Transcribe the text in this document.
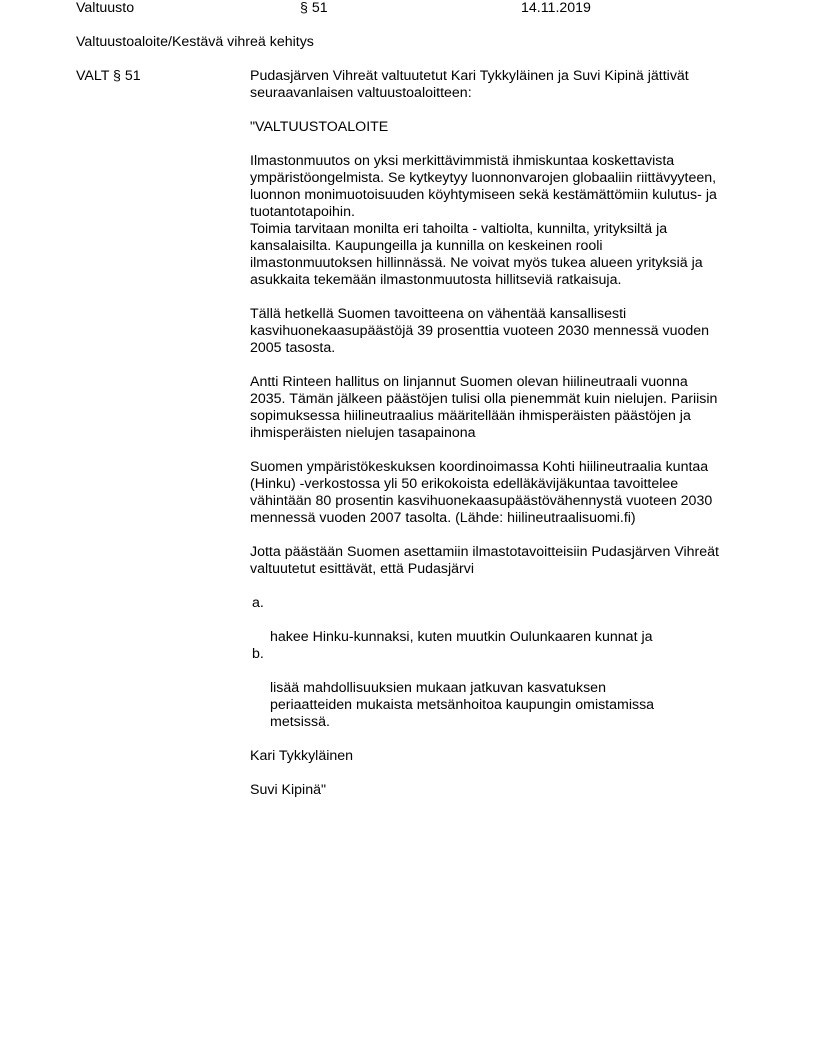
Valtuusto	§ 51	14.11.2019
Valtuustoaloite/Kestävä vihreä kehitys
VALT § 51	Pudasjärven Vihreät valtuutetut Kari Tykkyläinen ja Suvi Kipinä jättivät
seuraavanlaisen valtuustoaloitteen:

"VALTUUSTOALOITE

Ilmastonmuutos on yksi merkittävimmistä ihmiskuntaa koskettavista
ympäristöongelmista. Se kytkeytyy luonnonvarojen globaaliin riittävyyteen,
luonnon monimuotoisuuden köyhtymiseen sekä kestämättömiin kulutus- ja
tuotantotapoihin.
Toimia tarvitaan monilta eri tahoilta - valtiolta, kunnilta, yrityksiltä ja
kansalaisilta. Kaupungeilla ja kunnilla on keskeinen rooli
ilmastonmuutoksen hillinnässä. Ne voivat myös tukea alueen yrityksiä ja
asukkaita tekemään ilmastonmuutosta hillitseviä ratkaisuja.

Tällä hetkellä Suomen tavoitteena on vähentää kansallisesti
kasvihuonekaasupäästöjä 39 prosenttia vuoteen 2030 mennessä vuoden
2005 tasosta.

Antti Rinteen hallitus on linjannut Suomen olevan hiilineutraali vuonna
2035. Tämän jälkeen päästöjen tulisi olla pienemmät kuin nielujen. Pariisin
sopimuksessa hiilineutraalius määritellään ihmisperäisten päästöjen ja
ihmisperäisten nielujen tasapainona

Suomen ympäristökeskuksen koordinoimassa Kohti hiilineutraalia kuntaa
(Hinku) -verkostossa yli 50 erikokoista edelläkävijäkuntaa tavoittelee
vähintään 80 prosentin kasvihuonekaasupäästövähennystä vuoteen 2030
mennessä vuoden 2007 tasolta. (Lähde: hiilineutraalisuomi.fi)

Jotta päästään Suomen asettamiin ilmastotavoitteisiin Pudasjärven Vihreät
valtuutetut esittävät, että Pudasjärvi

a.

hakee Hinku-kunnaksi, kuten muutkin Oulunkaaren kunnat ja

b.

lisää mahdollisuuksien mukaan jatkuvan kasvatuksen
periaatteiden mukaista metsänhoitoa kaupungin omistamissa
metsissä.

Kari Tykkyläinen

Suvi Kipinä"
